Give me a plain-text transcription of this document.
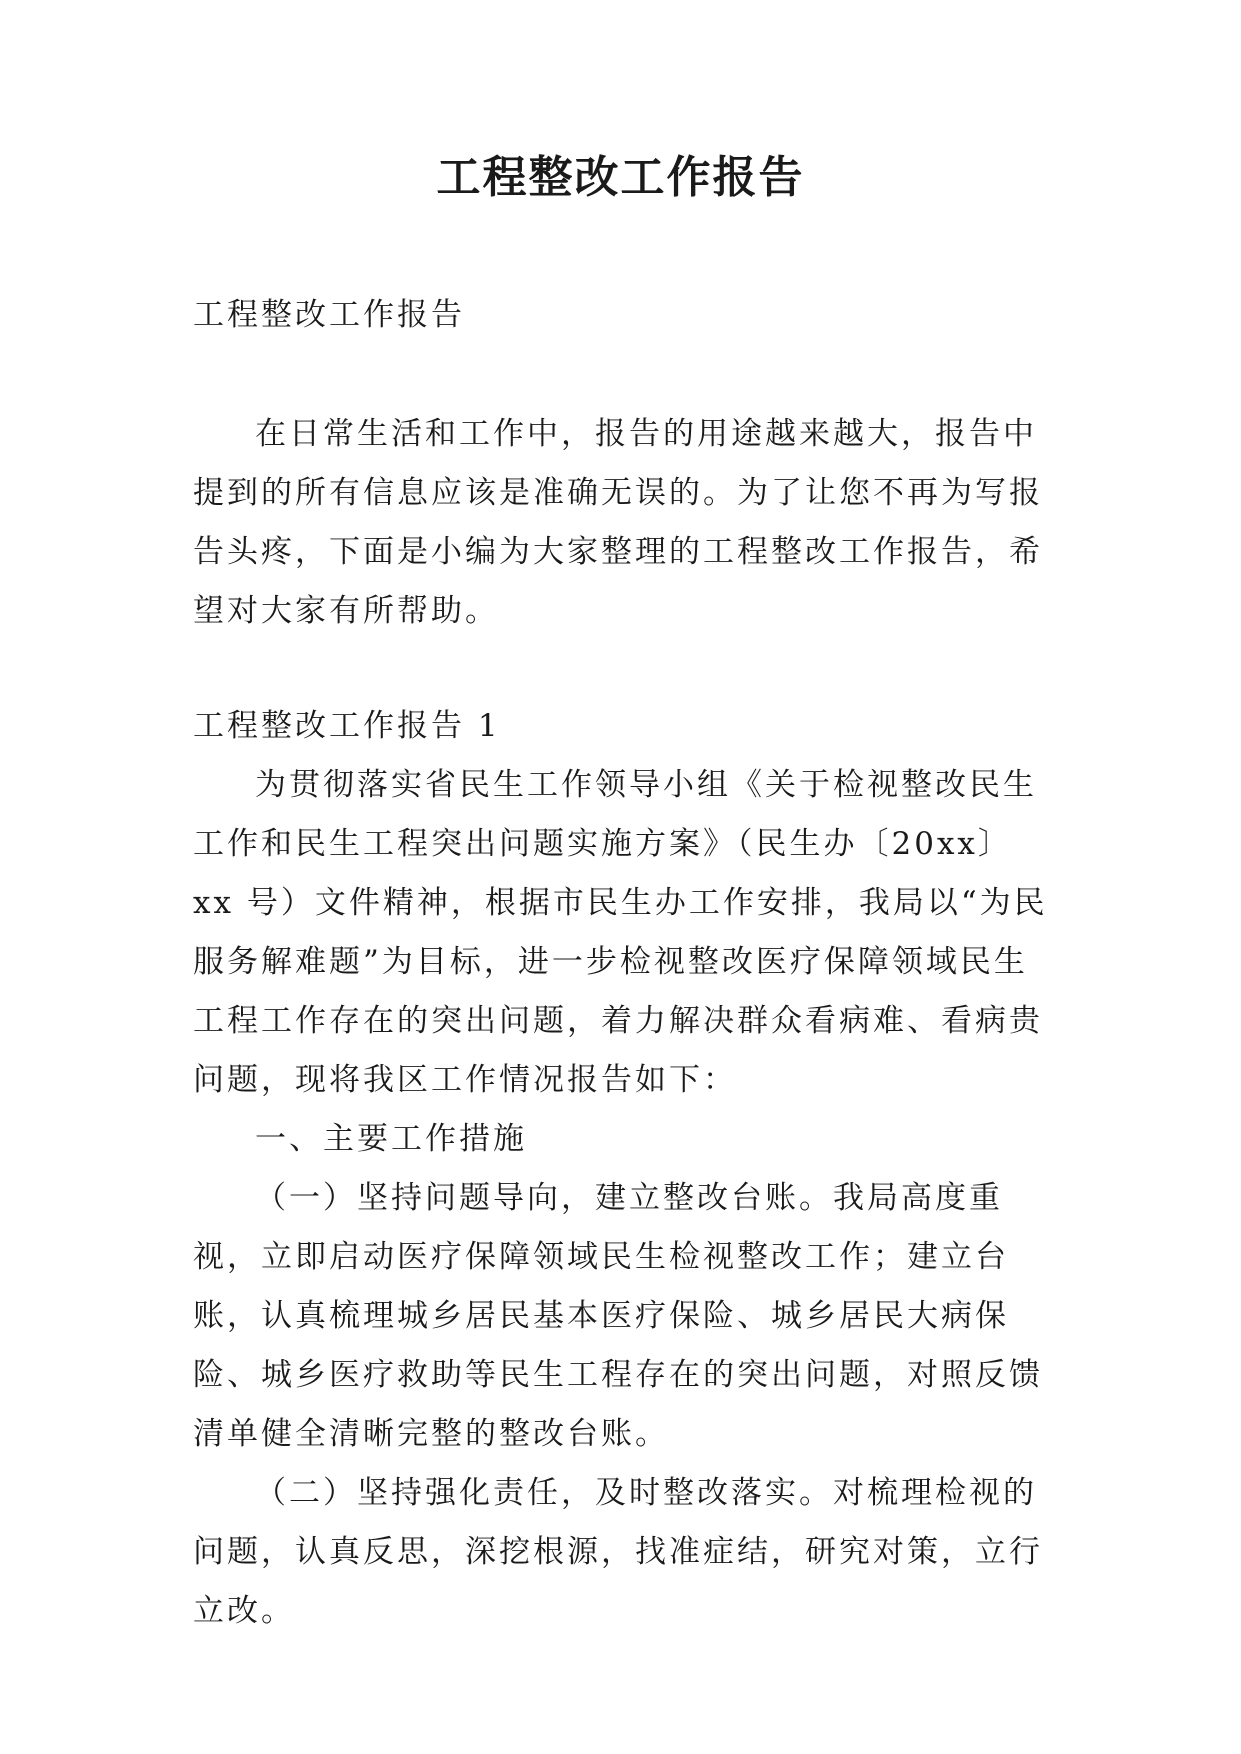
工程整改工作报告

工程整改工作报告

在日常生活和工作中，报告的用途越来越大，报告中提到的所有信息应该是准确无误的。为了让您不再为写报告头疼，下面是小编为大家整理的工程整改工作报告，希望对大家有所帮助。

工程整改工作报告 1

为贯彻落实省民生工作领导小组《关于检视整改民生工作和民生工程突出问题实施方案》（民生办〔20xx〕xx 号）文件精神，根据市民生办工作安排，我局以“为民服务解难题”为目标，进一步检视整改医疗保障领域民生工程工作存在的突出问题，着力解决群众看病难、看病贵问题，现将我区工作情况报告如下：

一、主要工作措施

（一）坚持问题导向，建立整改台账。我局高度重视，立即启动医疗保障领域民生检视整改工作；建立台账，认真梳理城乡居民基本医疗保险、城乡居民大病保险、城乡医疗救助等民生工程存在的突出问题，对照反馈清单健全清晰完整的整改台账。

（二）坚持强化责任，及时整改落实。对梳理检视的问题，认真反思，深挖根源，找准症结，研究对策，立行立改。
